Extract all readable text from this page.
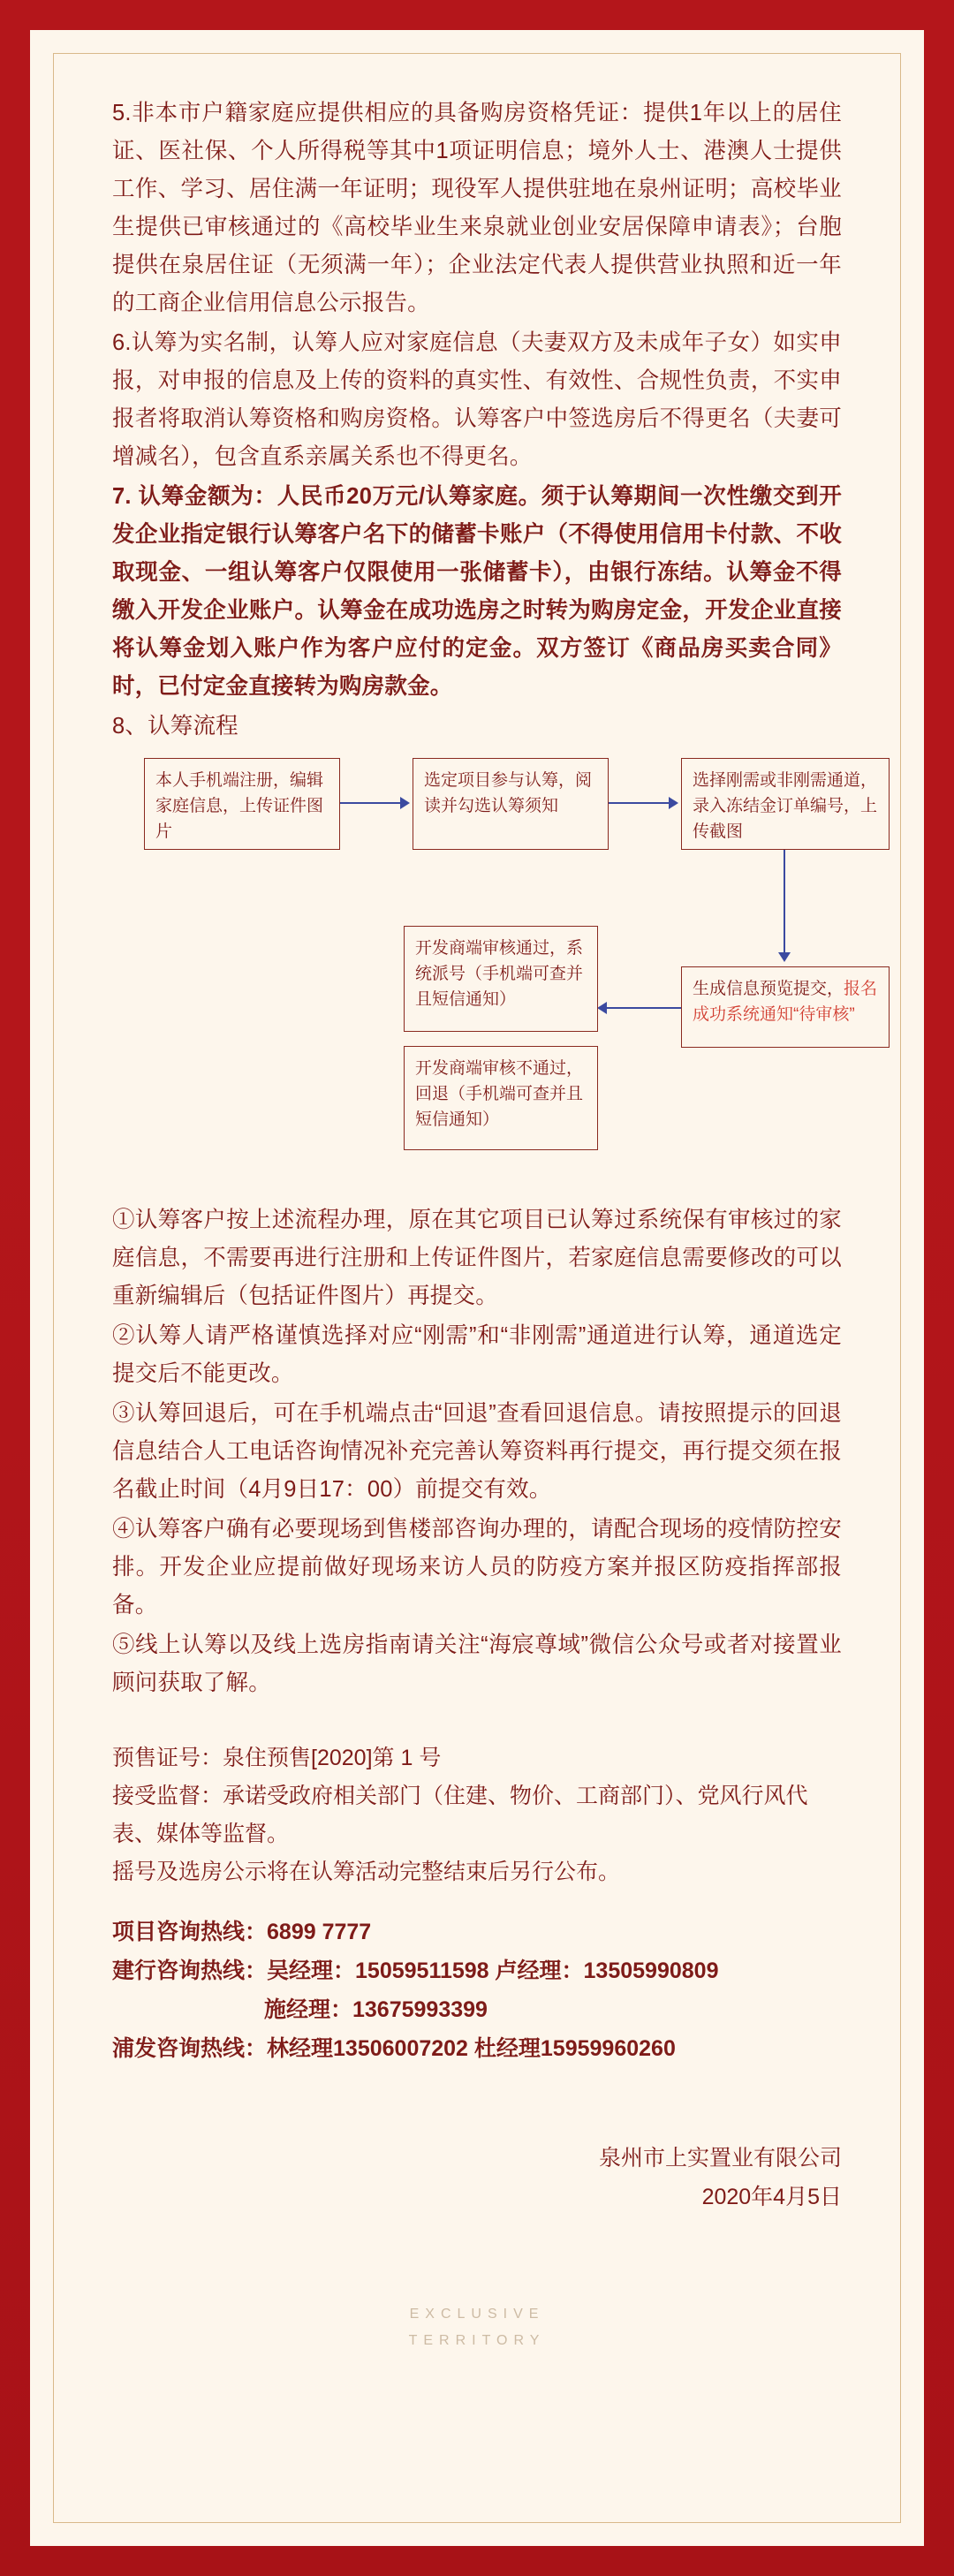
5.非本市户籍家庭应提供相应的具备购房资格凭证：提供1年以上的居住证、医社保、个人所得税等其中1项证明信息；境外人士、港澳人士提供工作、学习、居住满一年证明；现役军人提供驻地在泉州证明；高校毕业生提供已审核通过的《高校毕业生来泉就业创业安居保障申请表》；台胞提供在泉居住证（无须满一年）；企业法定代表人提供营业执照和近一年的工商企业信用信息公示报告。

6.认筹为实名制，认筹人应对家庭信息（夫妻双方及未成年子女）如实申报，对申报的信息及上传的资料的真实性、有效性、合规性负责，不实申报者将取消认筹资格和购房资格。认筹客户中签选房后不得更名（夫妻可增减名），包含直系亲属关系也不得更名。

7. 认筹金额为：人民币20万元/认筹家庭。须于认筹期间一次性缴交到开发企业指定银行认筹客户名下的储蓄卡账户（不得使用信用卡付款、不收取现金、一组认筹客户仅限使用一张储蓄卡），由银行冻结。认筹金不得缴入开发企业账户。认筹金在成功选房之时转为购房定金，开发企业直接将认筹金划入账户作为客户应付的定金。双方签订《商品房买卖合同》时，已付定金直接转为购房款金。

8、认筹流程

本人手机端注册，编辑家庭信息，上传证件图片
选定项目参与认筹，阅读并勾选认筹须知
选择刚需或非刚需通道，录入冻结金订单编号，上传截图
生成信息预览提交，报名成功系统通知“待审核”
开发商端审核通过，系统派号（手机端可查并且短信通知）
开发商端审核不通过，回退（手机端可查并且短信通知）

①认筹客户按上述流程办理，原在其它项目已认筹过系统保有审核过的家庭信息，不需要再进行注册和上传证件图片，若家庭信息需要修改的可以重新编辑后（包括证件图片）再提交。

②认筹人请严格谨慎选择对应“刚需”和“非刚需”通道进行认筹，通道选定提交后不能更改。

③认筹回退后，可在手机端点击“回退”查看回退信息。请按照提示的回退信息结合人工电话咨询情况补充完善认筹资料再行提交，再行提交须在报名截止时间（4月9日17：00）前提交有效。

④认筹客户确有必要现场到售楼部咨询办理的，请配合现场的疫情防控安排。开发企业应提前做好现场来访人员的防疫方案并报区防疫指挥部报备。

⑤线上认筹以及线上选房指南请关注“海宸尊域”微信公众号或者对接置业顾问获取了解。

预售证号：泉住预售[2020]第 1 号
接受监督：承诺受政府相关部门（住建、物价、工商部门）、党风行风代表、媒体等监督。
摇号及选房公示将在认筹活动完整结束后另行公布。
项目咨询热线：6899 7777
建行咨询热线：吴经理：15059511598 卢经理：13505990809
施经理：13675993399
浦发咨询热线：林经理13506007202 杜经理15959960260
泉州市上实置业有限公司
2020年4月5日
EXCLUSIVE
TERRITORY
